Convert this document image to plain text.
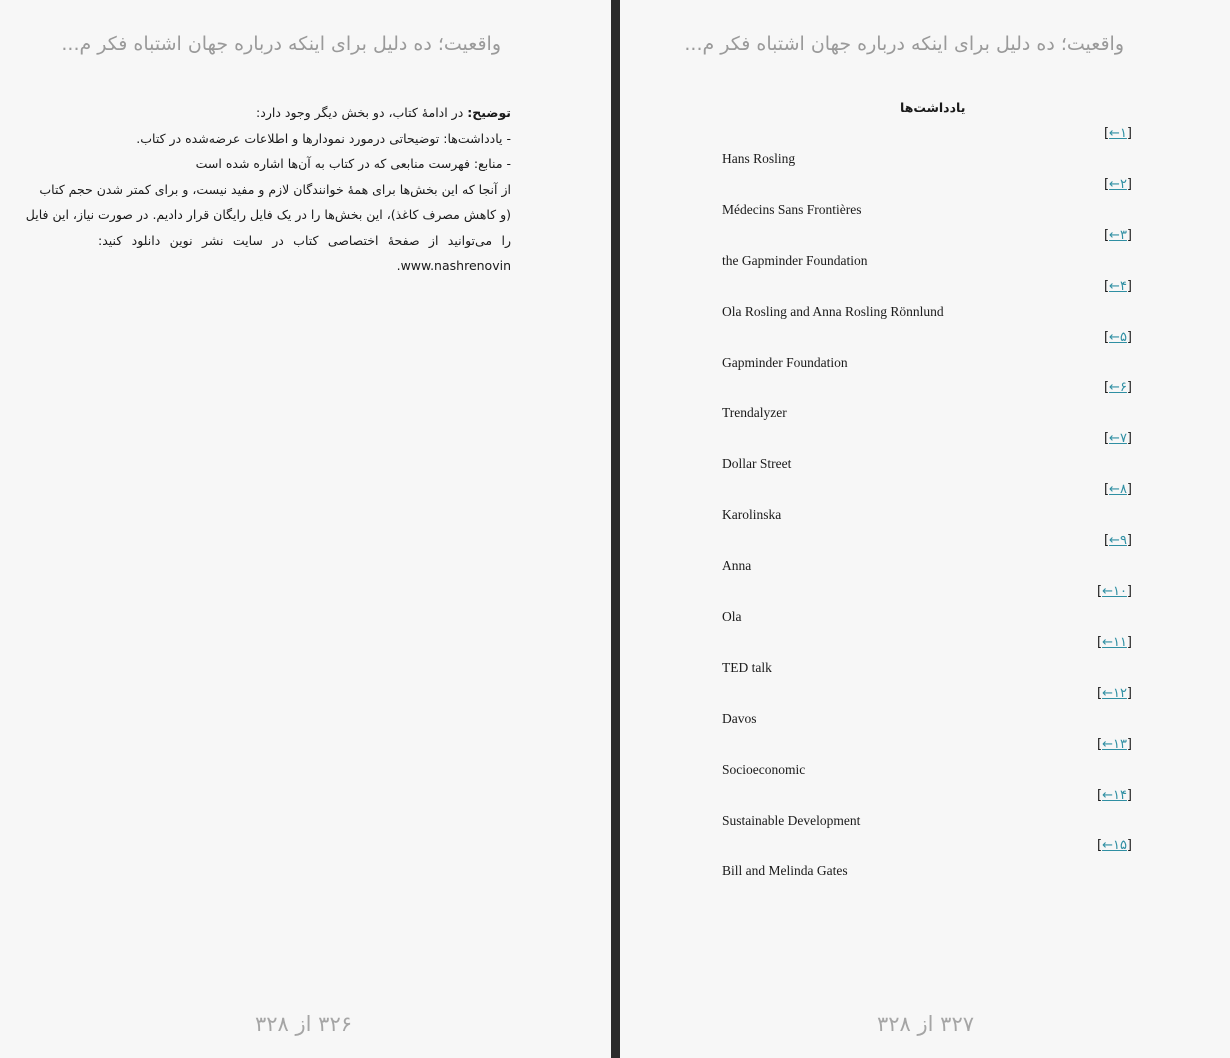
واقعیت؛ ده دلیل برای اینکه درباره جهان اشتباه فکر م...
توضیح: در ادامهٔ کتاب، دو بخش دیگر وجود دارد:
- یادداشت‌ها: توضیحاتی درمورد نمودارها و اطلاعات عرضه‌شده در کتاب.
- منابع: فهرست منابعی که در کتاب به آن‌ها اشاره شده است
از آنجا که این بخش‌ها برای همهٔ خوانندگان لازم و مفید نیست، و برای کمتر شدن حجم کتاب
(و کاهش مصرف کاغذ)، این بخش‌ها را در یک فایل رایگان قرار دادیم. در صورت نیاز، این فایل
را می‌توانید از صفحهٔ اختصاصی کتاب در سایت نشر نوین دانلود کنید:
www.nashrenovin.
۳۲۶ از ۳۲۸
واقعیت؛ ده دلیل برای اینکه درباره جهان اشتباه فکر م...
یادداشت‌ها
[←۱]
Hans Rosling
[←۲]
Médecins Sans Frontières
[←۳]
the Gapminder Foundation
[←۴]
Ola Rosling and Anna Rosling Rönnlund
[←۵]
Gapminder Foundation
[←۶]
Trendalyzer
[←۷]
Dollar Street
[←۸]
Karolinska
[←۹]
Anna
[←۱۰]
Ola
[←۱۱]
TED talk
[←۱۲]
Davos
[←۱۳]
Socioeconomic
[←۱۴]
Sustainable Development
[←۱۵]
Bill and Melinda Gates
۳۲۷ از ۳۲۸
